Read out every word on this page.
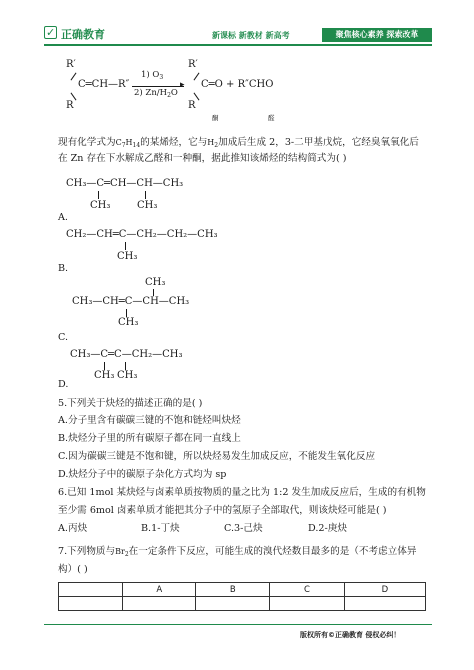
✓ 正确教育	新课标 新教材 新高考	聚焦核心素养 探索改革
R′
C═CH—R″
R
1) $O_3$
▸
2) $Zn/H_2O$
R′
C═O + R″CHO
R
酮	醛
现有化学式为$C_7H_{14}$的某烯烃，它与$H_2$加成后生成 2，3-二甲基戊烷，它经臭氧氧化后
在 Zn 存在下水解成乙醛和一种酮，据此推知该烯烃的结构简式为( )
CH₃—C═CH—CH—CH₃
CH₃	CH₃
A.
CH₂—CH═C—CH₂—CH₂—CH₃
CH₃
B.
CH₃
CH₃—CH═C—CH—CH₃
CH₃
C.
CH₃—C═C—CH₂—CH₃
CH₃ CH₃
D.
5.下列关于炔烃的描述正确的是( )
A.分子里含有碳碳三键的不饱和链烃叫炔烃
B.炔烃分子里的所有碳原子都在同一直线上
C.因为碳碳三键是不饱和键，所以炔烃易发生加成反应，不能发生氧化反应
D.炔烃分子中的碳原子杂化方式均为 sp
6.已知 1mol 某炔烃与卤素单质按物质的量之比为 1:2 发生加成反应后，生成的有机物
至少需 6mol 卤素单质才能把其分子中的氢原子全部取代，则该炔烃可能是( )
A.丙炔	B.1-丁炔	C.3-己炔	D.2-庚炔
7.下列物质与$Br_2$在一定条件下反应，可能生成的溴代烃数目最多的是（不考虑立体异
构）( )
	A	B	C	D

版权所有©正确教育 侵权必纠！
